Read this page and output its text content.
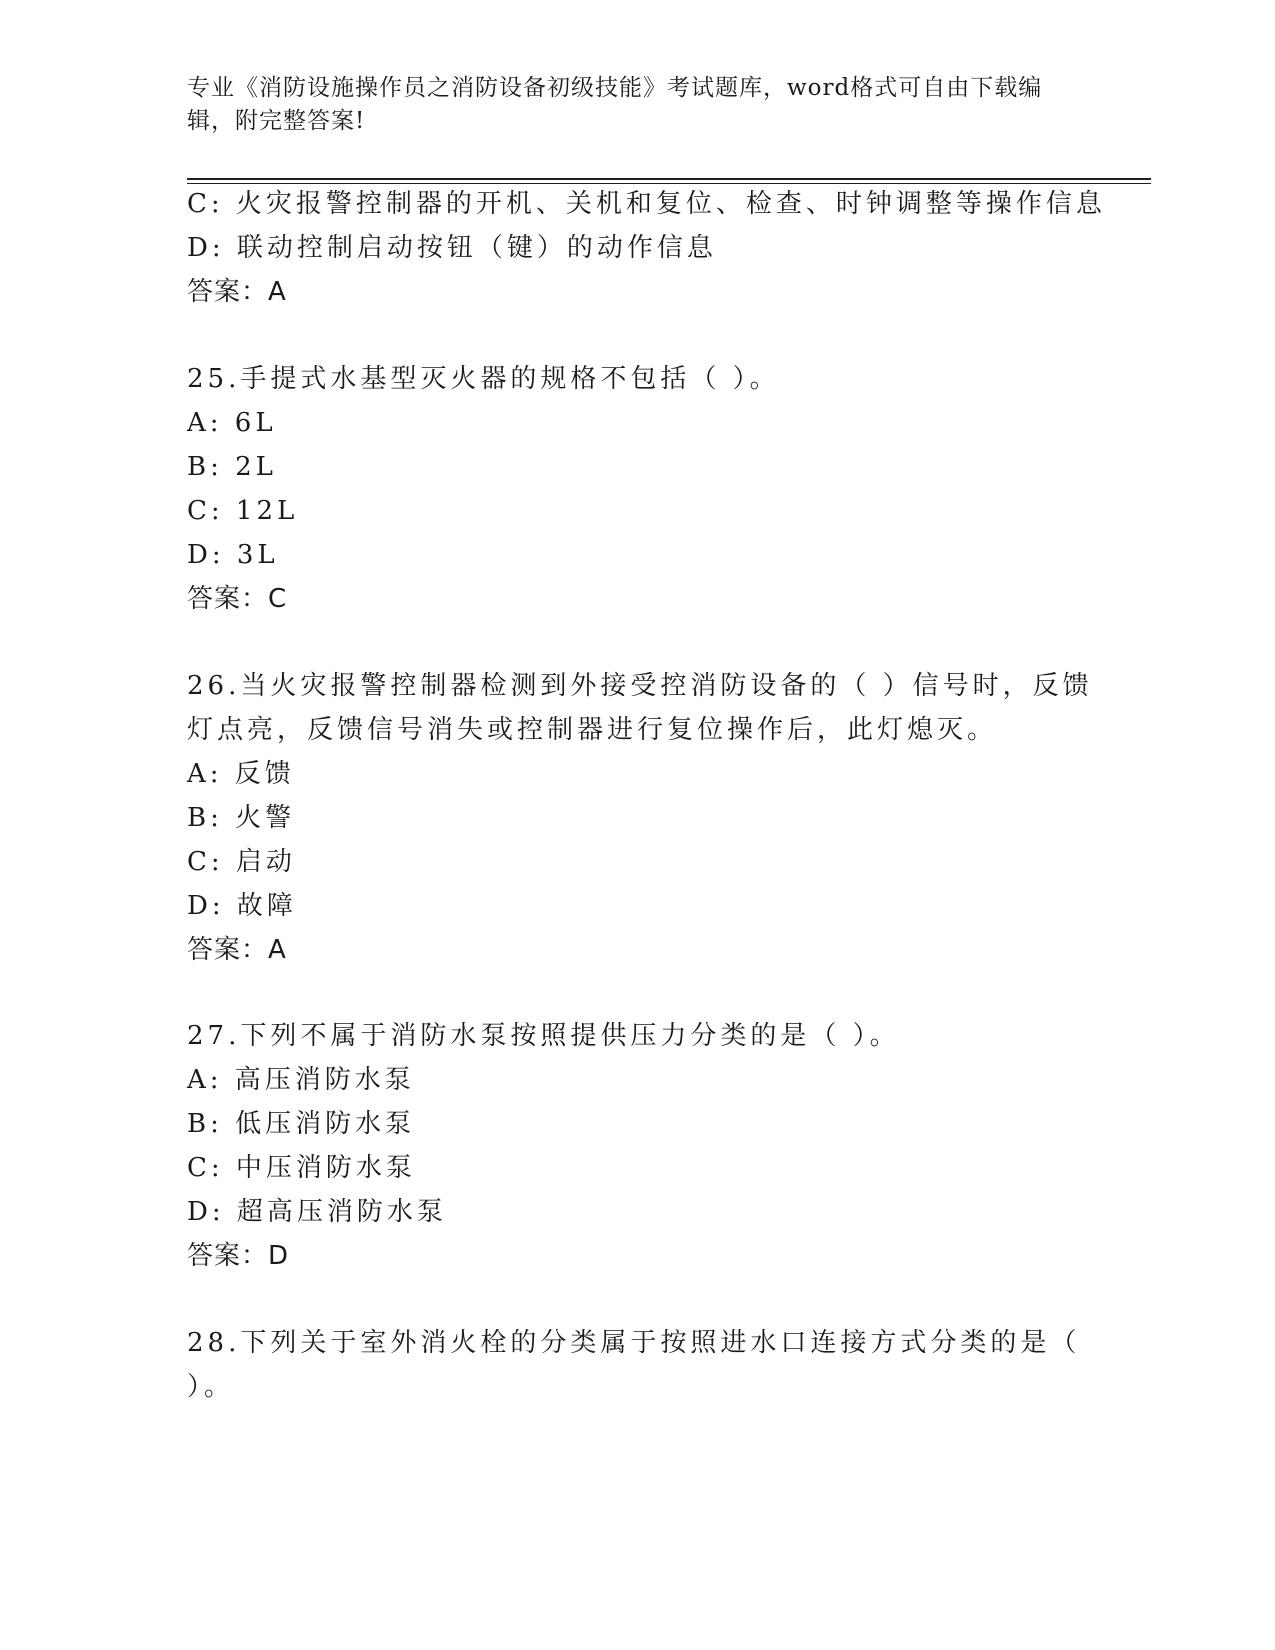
专业《消防设施操作员之消防设备初级技能》考试题库，word格式可自由下载编
辑，附完整答案!
C: 火灾报警控制器的开机、关机和复位、检查、时钟调整等操作信息
D: 联动控制启动按钮（键）的动作信息
答案：A
25.手提式水基型灭火器的规格不包括（ ）。
A: 6L
B: 2L
C: 12L
D: 3L
答案：C
26.当火灾报警控制器检测到外接受控消防设备的（ ）信号时，反馈
灯点亮，反馈信号消失或控制器进行复位操作后，此灯熄灭。
A: 反馈
B: 火警
C: 启动
D: 故障
答案：A
27.下列不属于消防水泵按照提供压力分类的是（ ）。
A: 高压消防水泵
B: 低压消防水泵
C: 中压消防水泵
D: 超高压消防水泵
答案：D
28.下列关于室外消火栓的分类属于按照进水口连接方式分类的是（
）。
